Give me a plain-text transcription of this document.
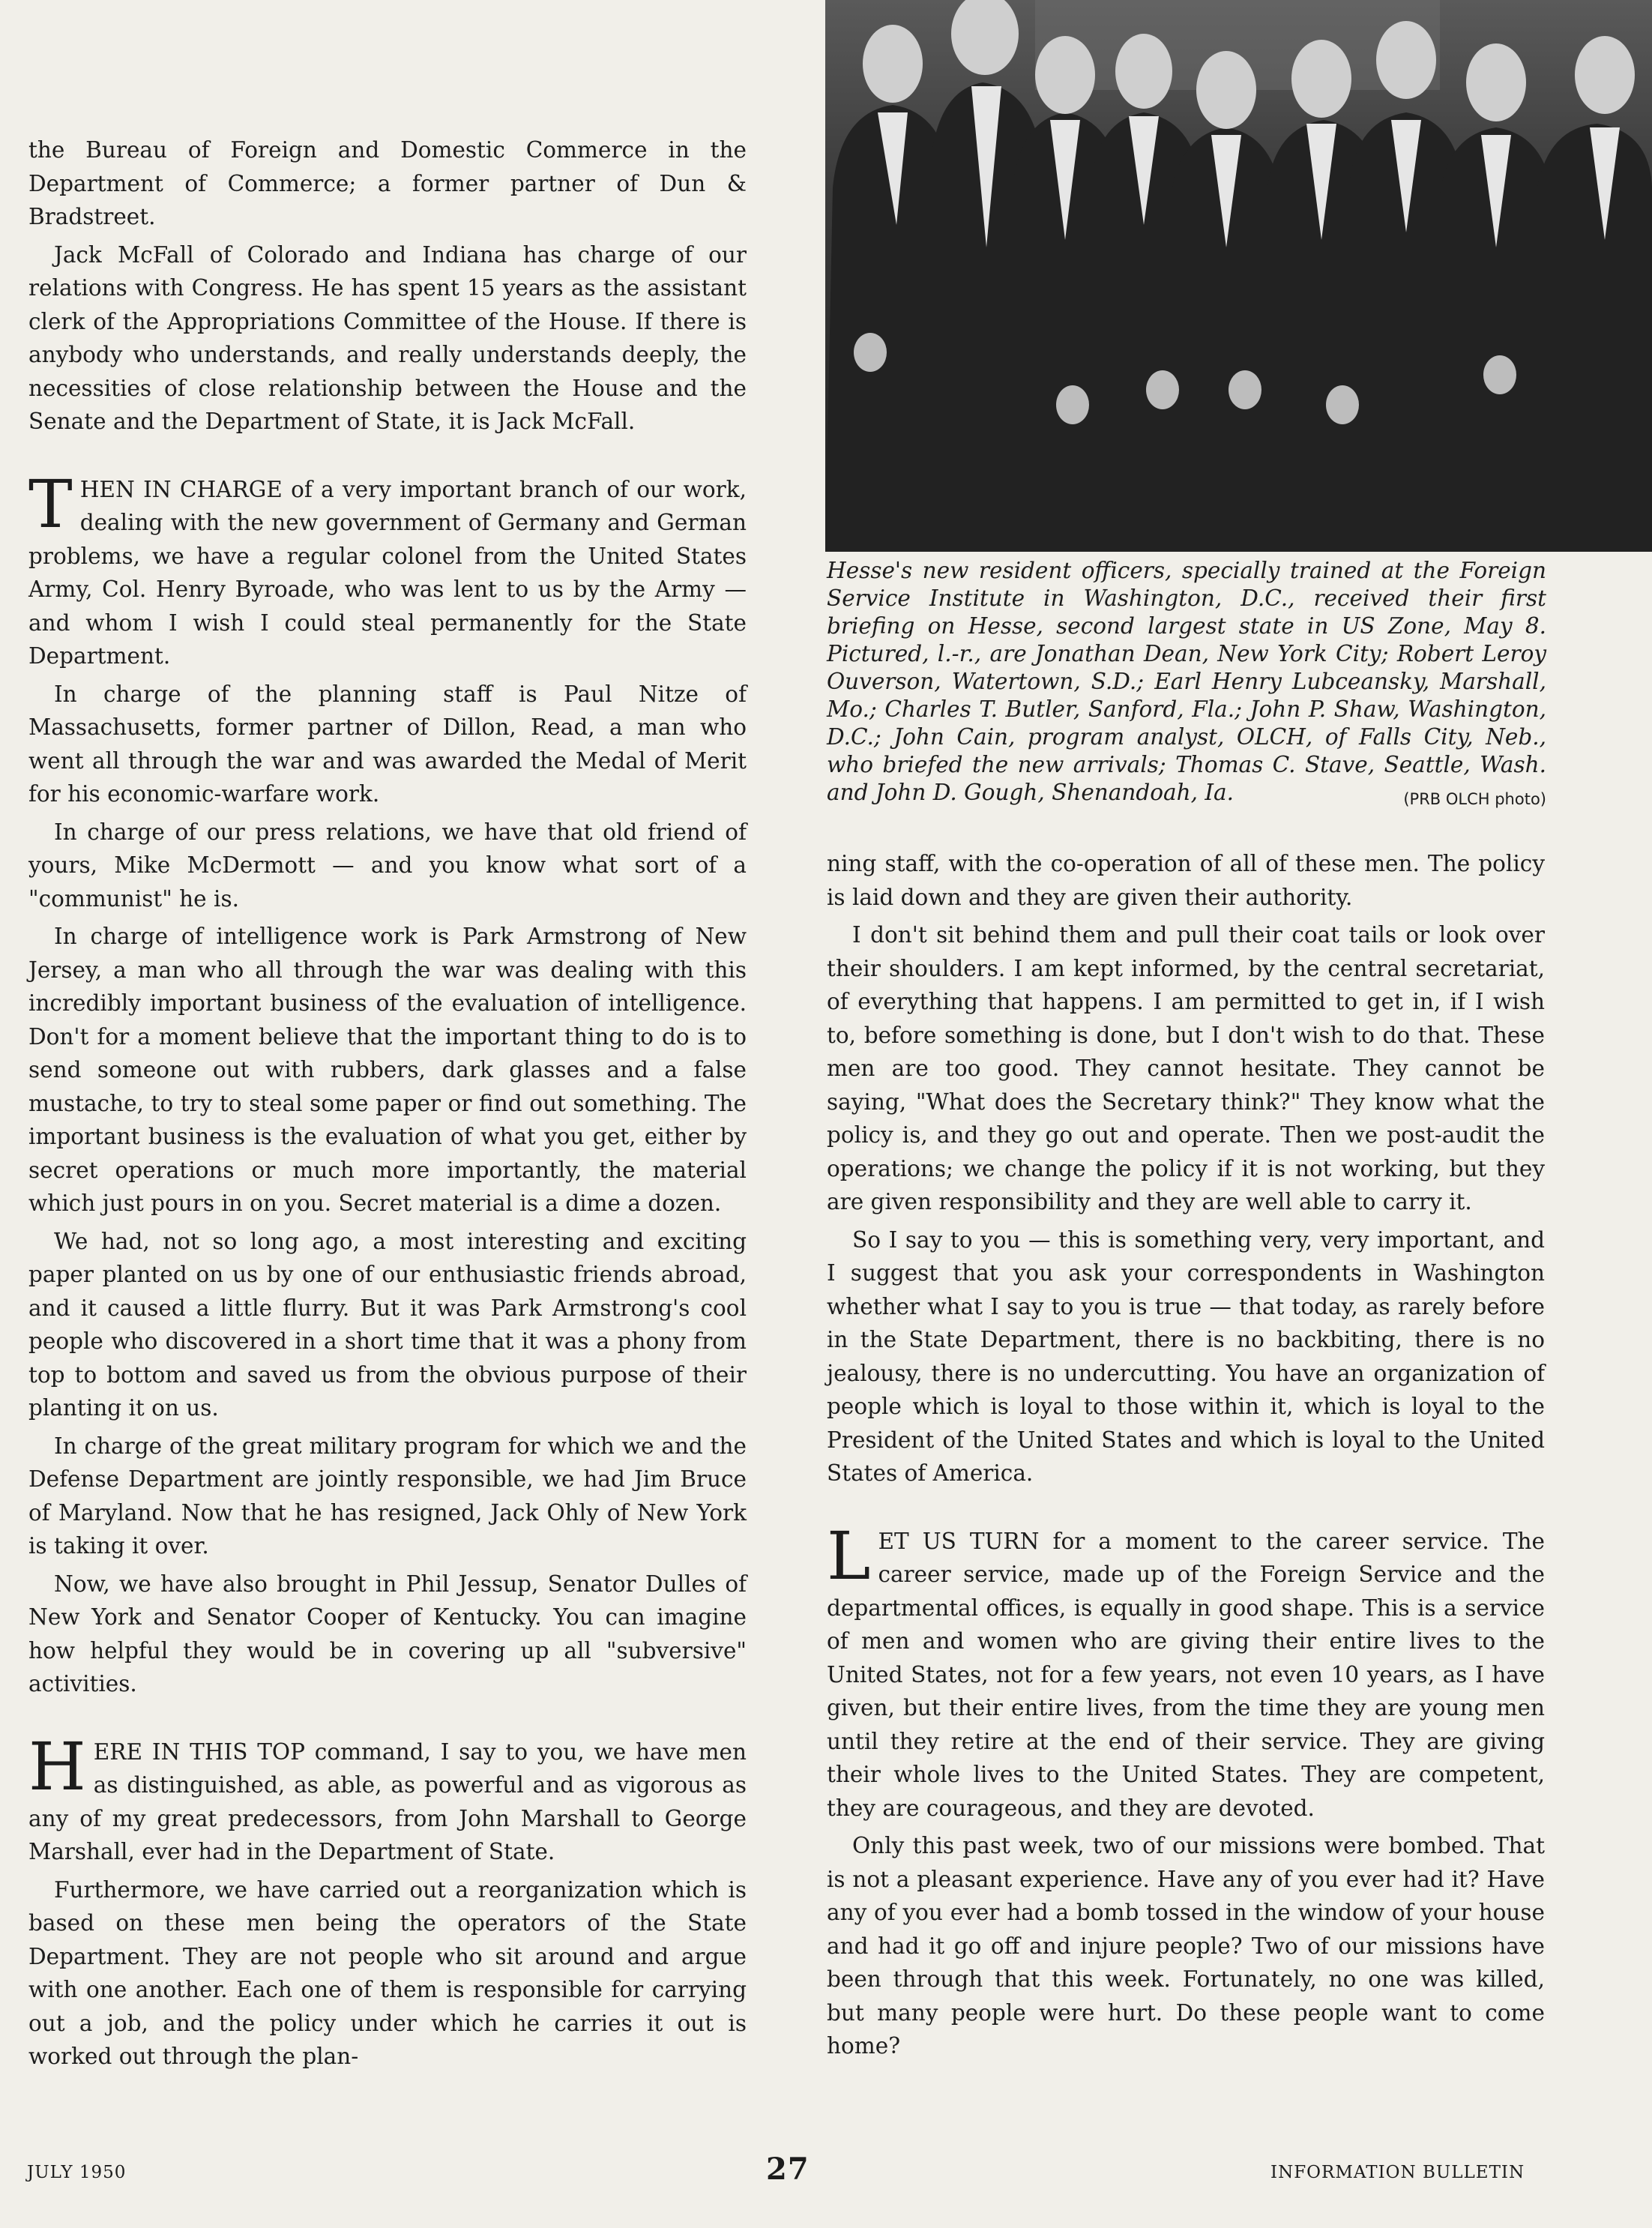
Hesse's new resident officers, specially trained at the Foreign Service Institute in Washington, D.C., received their first briefing on Hesse, second largest state in US Zone, May 8. Pictured, l.-r., are Jonathan Dean, New York City; Robert Leroy Ouverson, Watertown, S.D.; Earl Henry Lubceansky, Marshall, Mo.; Charles T. Butler, Sanford, Fla.; John P. Shaw, Washington, D.C.; John Cain, program analyst, OLCH, of Falls City, Neb., who briefed the new arrivals; Thomas C. Stave, Seattle, Wash. and John D. Gough, Shenandoah, Ia.	(PRB OLCH photo)

the Bureau of Foreign and Domestic Commerce in the Department of Commerce; a former partner of Dun & Bradstreet.

Jack McFall of Colorado and Indiana has charge of our relations with Congress. He has spent 15 years as the assistant clerk of the Appropriations Committee of the House. If there is anybody who understands, and really understands deeply, the necessities of close relationship between the House and the Senate and the Department of State, it is Jack McFall.

THEN IN CHARGE of a very important branch of our work, dealing with the new government of Germany and German problems, we have a regular colonel from the United States Army, Col. Henry Byroade, who was lent to us by the Army — and whom I wish I could steal permanently for the State Department.

In charge of the planning staff is Paul Nitze of Massachusetts, former partner of Dillon, Read, a man who went all through the war and was awarded the Medal of Merit for his economic-warfare work.

In charge of our press relations, we have that old friend of yours, Mike McDermott — and you know what sort of a "communist" he is.

In charge of intelligence work is Park Armstrong of New Jersey, a man who all through the war was dealing with this incredibly important business of the evaluation of intelligence. Don't for a moment believe that the important thing to do is to send someone out with rubbers, dark glasses and a false mustache, to try to steal some paper or find out something. The important business is the evaluation of what you get, either by secret operations or much more importantly, the material which just pours in on you. Secret material is a dime a dozen.

We had, not so long ago, a most interesting and exciting paper planted on us by one of our enthusiastic friends abroad, and it caused a little flurry. But it was Park Armstrong's cool people who discovered in a short time that it was a phony from top to bottom and saved us from the obvious purpose of their planting it on us.

In charge of the great military program for which we and the Defense Department are jointly responsible, we had Jim Bruce of Maryland. Now that he has resigned, Jack Ohly of New York is taking it over.

Now, we have also brought in Phil Jessup, Senator Dulles of New York and Senator Cooper of Kentucky. You can imagine how helpful they would be in covering up all "subversive" activities.

HERE IN THIS TOP command, I say to you, we have men as distinguished, as able, as powerful and as vigorous as any of my great predecessors, from John Marshall to George Marshall, ever had in the Department of State.

Furthermore, we have carried out a reorganization which is based on these men being the operators of the State Department. They are not people who sit around and argue with one another. Each one of them is responsible for carrying out a job, and the policy under which he carries it out is worked out through the plan-

ning staff, with the co-operation of all of these men. The policy is laid down and they are given their authority.

I don't sit behind them and pull their coat tails or look over their shoulders. I am kept informed, by the central secretariat, of everything that happens. I am permitted to get in, if I wish to, before something is done, but I don't wish to do that. These men are too good. They cannot hesitate. They cannot be saying, "What does the Secretary think?" They know what the policy is, and they go out and operate. Then we post-audit the operations; we change the policy if it is not working, but they are given responsibility and they are well able to carry it.

So I say to you — this is something very, very important, and I suggest that you ask your correspondents in Washington whether what I say to you is true — that today, as rarely before in the State Department, there is no backbiting, there is no jealousy, there is no undercutting. You have an organization of people which is loyal to those within it, which is loyal to the President of the United States and which is loyal to the United States of America.

LET US TURN for a moment to the career service. The career service, made up of the Foreign Service and the departmental offices, is equally in good shape. This is a service of men and women who are giving their entire lives to the United States, not for a few years, not even 10 years, as I have given, but their entire lives, from the time they are young men until they retire at the end of their service. They are giving their whole lives to the United States. They are competent, they are courageous, and they are devoted.

Only this past week, two of our missions were bombed. That is not a pleasant experience. Have any of you ever had it? Have any of you ever had a bomb tossed in the window of your house and had it go off and injure people? Two of our missions have been through that this week. Fortunately, no one was killed, but many people were hurt. Do these people want to come home?

JULY 1950	27	INFORMATION BULLETIN
